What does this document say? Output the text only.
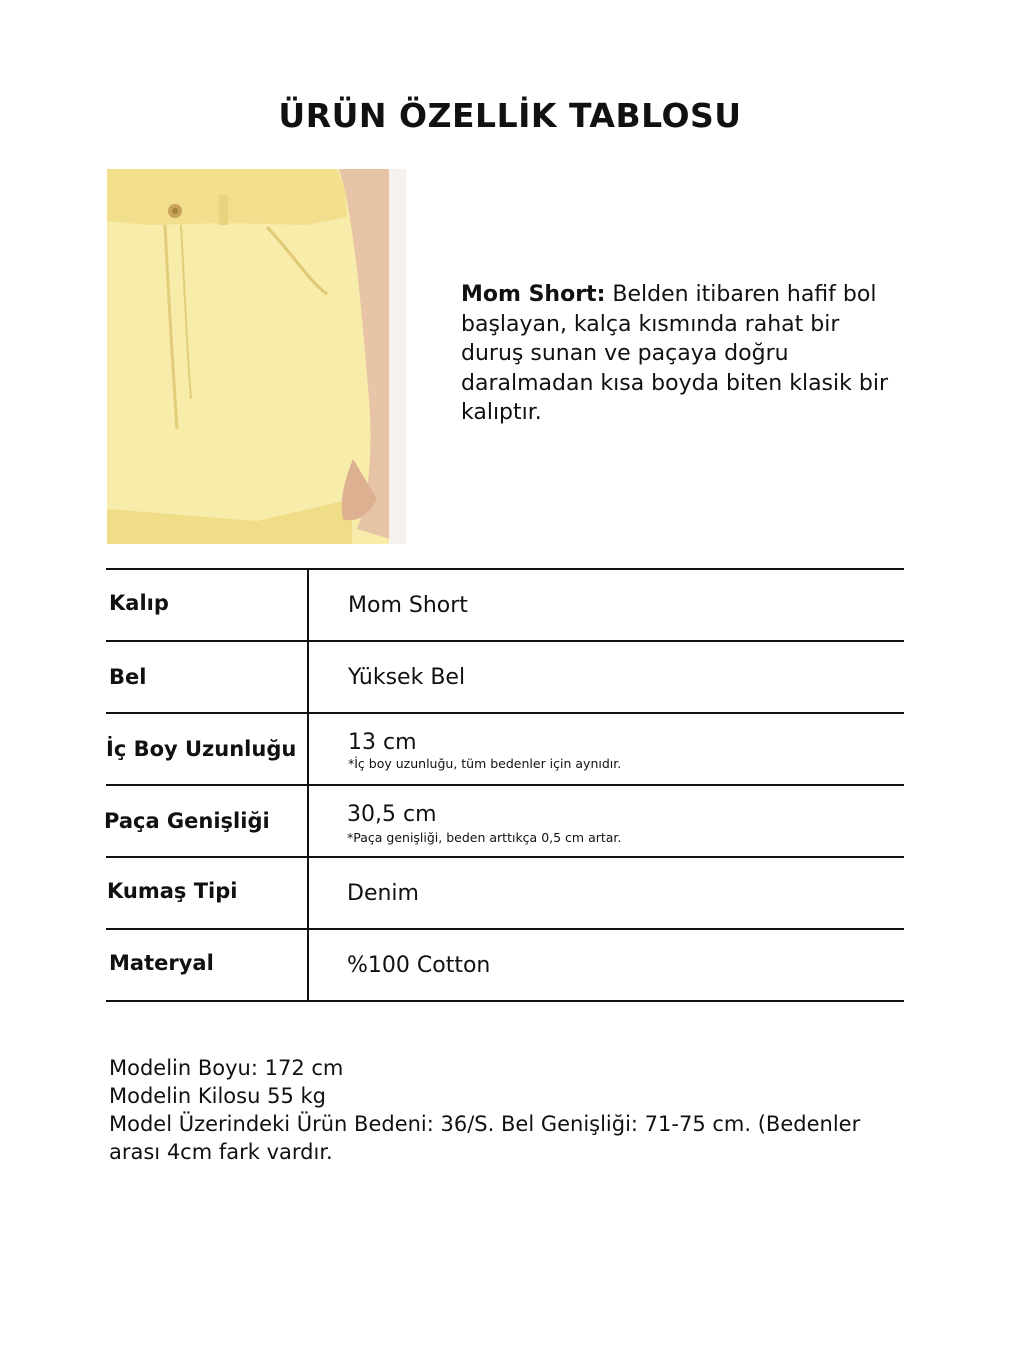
ÜRÜN ÖZELLİK TABLOSU
Mom Short: Belden itibaren hafif bol başlayan, kalça kısmında rahat bir duruş sunan ve paçaya doğru daralmadan kısa boyda biten klasik bir kalıptır.
Kalıp	Mom Short
Bel	Yüksek Bel
İç Boy Uzunluğu 13 cm
*İç boy uzunluğu, tüm bedenler için aynıdır.
Paça Genişliği	30,5 cm
*Paça genişliği, beden arttıkça 0,5 cm artar.
Kumaş Tipi	Denim
Materyal	%100 Cotton
Modelin Boyu: 172 cm
Modelin Kilosu 55 kg
Model Üzerindeki Ürün Bedeni: 36/S. Bel Genişliği: 71-75 cm. (Bedenler arası 4cm fark vardır.
